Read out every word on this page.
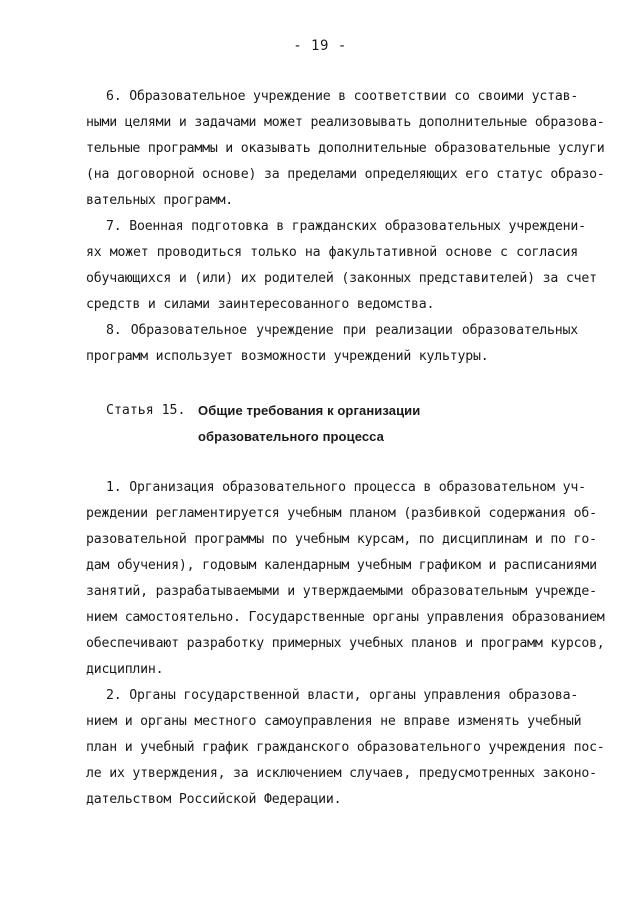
- 19 -
6. Образовательное учреждение в соответствии со своими устав-
ными целями и задачами может реализовывать дополнительные образова-
тельные программы и оказывать дополнительные образовательные услуги
(на договорной основе) за пределами определяющих его статус образо-
вательных программ.
7. Военная подготовка в гражданских образовательных учреждени-
ях может проводиться только на факультативной основе с согласия
обучающихся и (или) их родителей (законных представителей) за счет
средств и силами заинтересованного ведомства.
8. Образовательное учреждение при реализации образовательных
программ использует возможности учреждений культуры.
Статья 15. Общие требования к организации
образовательного процесса
1. Организация образовательного процесса в образовательном уч-
реждении регламентируется учебным планом (разбивкой содержания об-
разовательной программы по учебным курсам, по дисциплинам и по го-
дам обучения), годовым календарным учебным графиком и расписаниями
занятий, разрабатываемыми и утверждаемыми образовательным учрежде-
нием самостоятельно. Государственные органы управления образованием
обеспечивают разработку примерных учебных планов и программ курсов,
дисциплин.
2. Органы государственной власти, органы управления образова-
нием и органы местного самоуправления не вправе изменять учебный
план и учебный график гражданского образовательного учреждения пос-
ле их утверждения, за исключением случаев, предусмотренных законо-
дательством Российской Федерации.
